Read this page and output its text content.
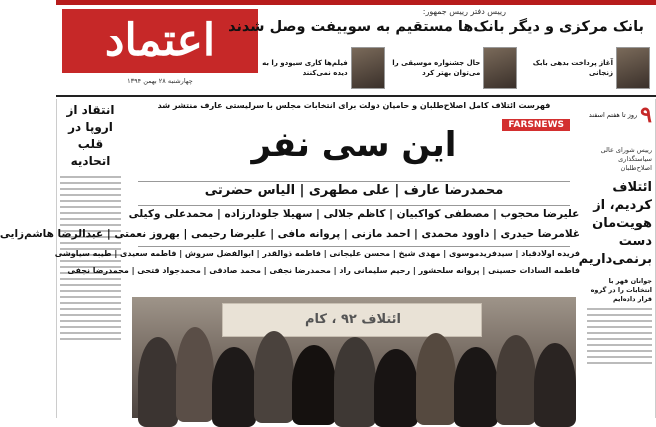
اعتماد
چهارشنبه ۲۸ بهمن ۱۳۹۴
رییس دفتر رییس جمهور:
بانک مرکزی و دیگر بانک‌ها مستقیم به سوییفت وصل شدند
آغاز پرداخت بدهی بابک زنجانی
حال جشنواره موسیقی را می‌توان بهتر کرد
فیلم‌ها کاری سیودو را به دیده نمی‌کنند
انتقاد از اروپا در قلب اتحادیه
۹
روز تا هفتم اسفند
رییس شورای عالی سیاستگذاری اصلاح‌طلبان
ائتلاف کردیم، از هویت‌مان دست برنمی‌داریم
جوانان قهر با انتخابات را در گروه قرار داده‌ایم
فهرست ائتلاف کامل اصلاح‌طلبان و حامیان دولت برای انتخابات مجلس با سرلیستی عارف منتشر شد
FARSNEWS
این سی نفر
محمدرضا عارف | علی مطهری | الیاس حضرتی
علیرضا محجوب | مصطفی کواکبیان | کاظم جلالی | سهیلا جلودارزاده | محمدعلی وکیلی
غلامرضا حیدری | داوود محمدی | احمد مازنی | پروانه مافی | علیرضا رحیمی | بهروز نعمتی | عبدالرضا هاشم‌زایی
فریده اولادقباد | سیدفریدموسوی | مهدی شیخ | محسن علیجانی | فاطمه ذوالقدر | ابوالفضل سروش | فاطمه سعیدی | طیبه سیاوشی
فاطمه السادات حسینی | پروانه سلحشور | رحیم سلیمانی راد | محمدرضا نجفی | محمد صادقی | محمدجواد فتحی | محمدرضا نجفی
ائتلاف ۹۲ ، کام
